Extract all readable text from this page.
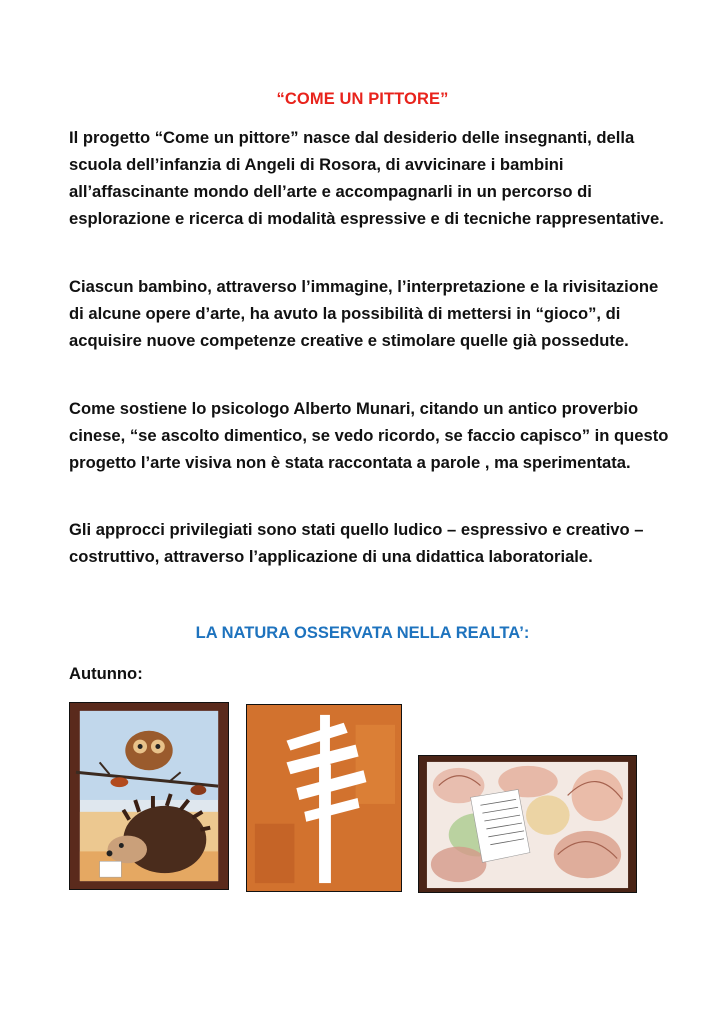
“COME UN PITTORE”

Il progetto “Come un pittore” nasce dal desiderio delle insegnanti, della scuola dell’infanzia di Angeli di Rosora, di avvicinare i bambini all’affascinante mondo dell’arte e accompagnarli in un percorso di esplorazione e ricerca di modalità espressive e di tecniche rappresentative.

Ciascun bambino, attraverso l’immagine, l’interpretazione e la rivisitazione di alcune opere d’arte, ha avuto la possibilità di mettersi in “gioco”, di acquisire nuove competenze creative e stimolare quelle già possedute.

Come sostiene lo psicologo Alberto Munari, citando un antico proverbio cinese, “se ascolto dimentico, se vedo ricordo, se faccio capisco” in questo progetto l’arte visiva non è stata raccontata a parole , ma sperimentata.

Gli approcci privilegiati sono stati quello ludico – espressivo e creativo – costruttivo, attraverso l’applicazione di una didattica laboratoriale.

LA NATURA OSSERVATA NELLA REALTA’:
Autunno:
